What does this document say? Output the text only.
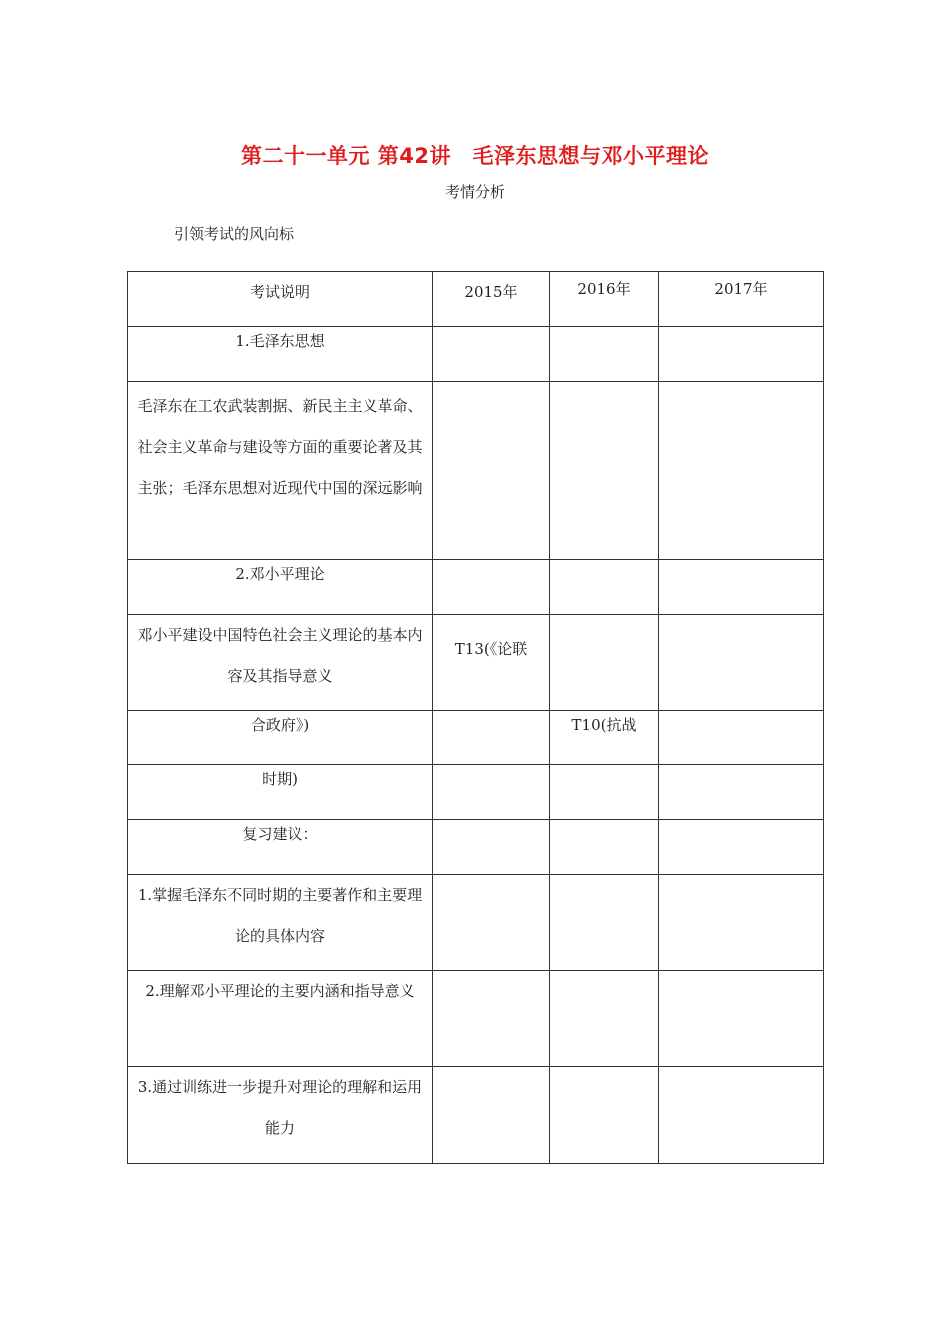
第二十一单元 第42讲　毛泽东思想与邓小平理论
考情分析
引领考试的风向标
考试说明	2015年	2016年	2017年
1.毛泽东思想			
毛泽东在工农武装割据、新民主主义革命、社会主义革命与建设等方面的重要论著及其主张；毛泽东思想对近现代中国的深远影响			
2.邓小平理论			
邓小平建设中国特色社会主义理论的基本内容及其指导意义	T13(《论联		
合政府》)		T10(抗战	
时期)			
复习建议：			
1.掌握毛泽东不同时期的主要著作和主要理论的具体内容			
2.理解邓小平理论的主要内涵和指导意义			
3.通过训练进一步提升对理论的理解和运用能力			
